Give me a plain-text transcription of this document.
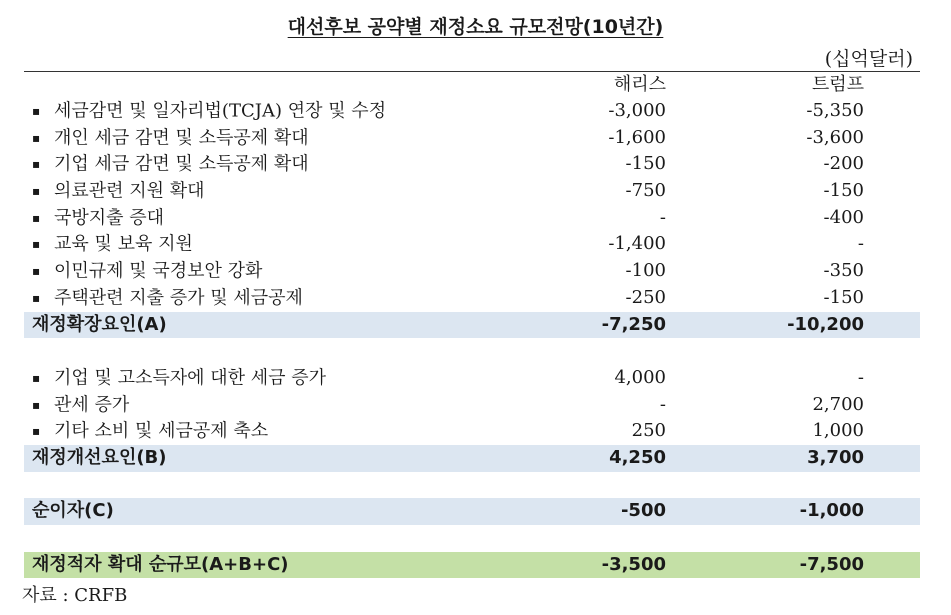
대선후보 공약별 재정소요 규모전망(10년간)
(십억달러)
해리스	트럼프
▪ 세금감면 및 일자리법(TCJA) 연장 및 수정	-3,000	-5,350
▪ 개인 세금 감면 및 소득공제 확대	-1,600	-3,600
▪ 기업 세금 감면 및 소득공제 확대	-150	-200
▪ 의료관련 지원 확대	-750	-150
▪ 국방지출 증대	-	-400
▪ 교육 및 보육 지원	-1,400	-
▪ 이민규제 및 국경보안 강화	-100	-350
▪ 주택관련 지출 증가 및 세금공제	-250	-150
재정확장요인(A)	-7,250	-10,200
▪ 기업 및 고소득자에 대한 세금 증가	4,000	-
▪ 관세 증가	-	2,700
▪ 기타 소비 및 세금공제 축소	250	1,000
재정개선요인(B)	4,250	3,700
순이자(C)	-500	-1,000
재정적자 확대 순규모(A+B+C)	-3,500	-7,500
자료 : CRFB
